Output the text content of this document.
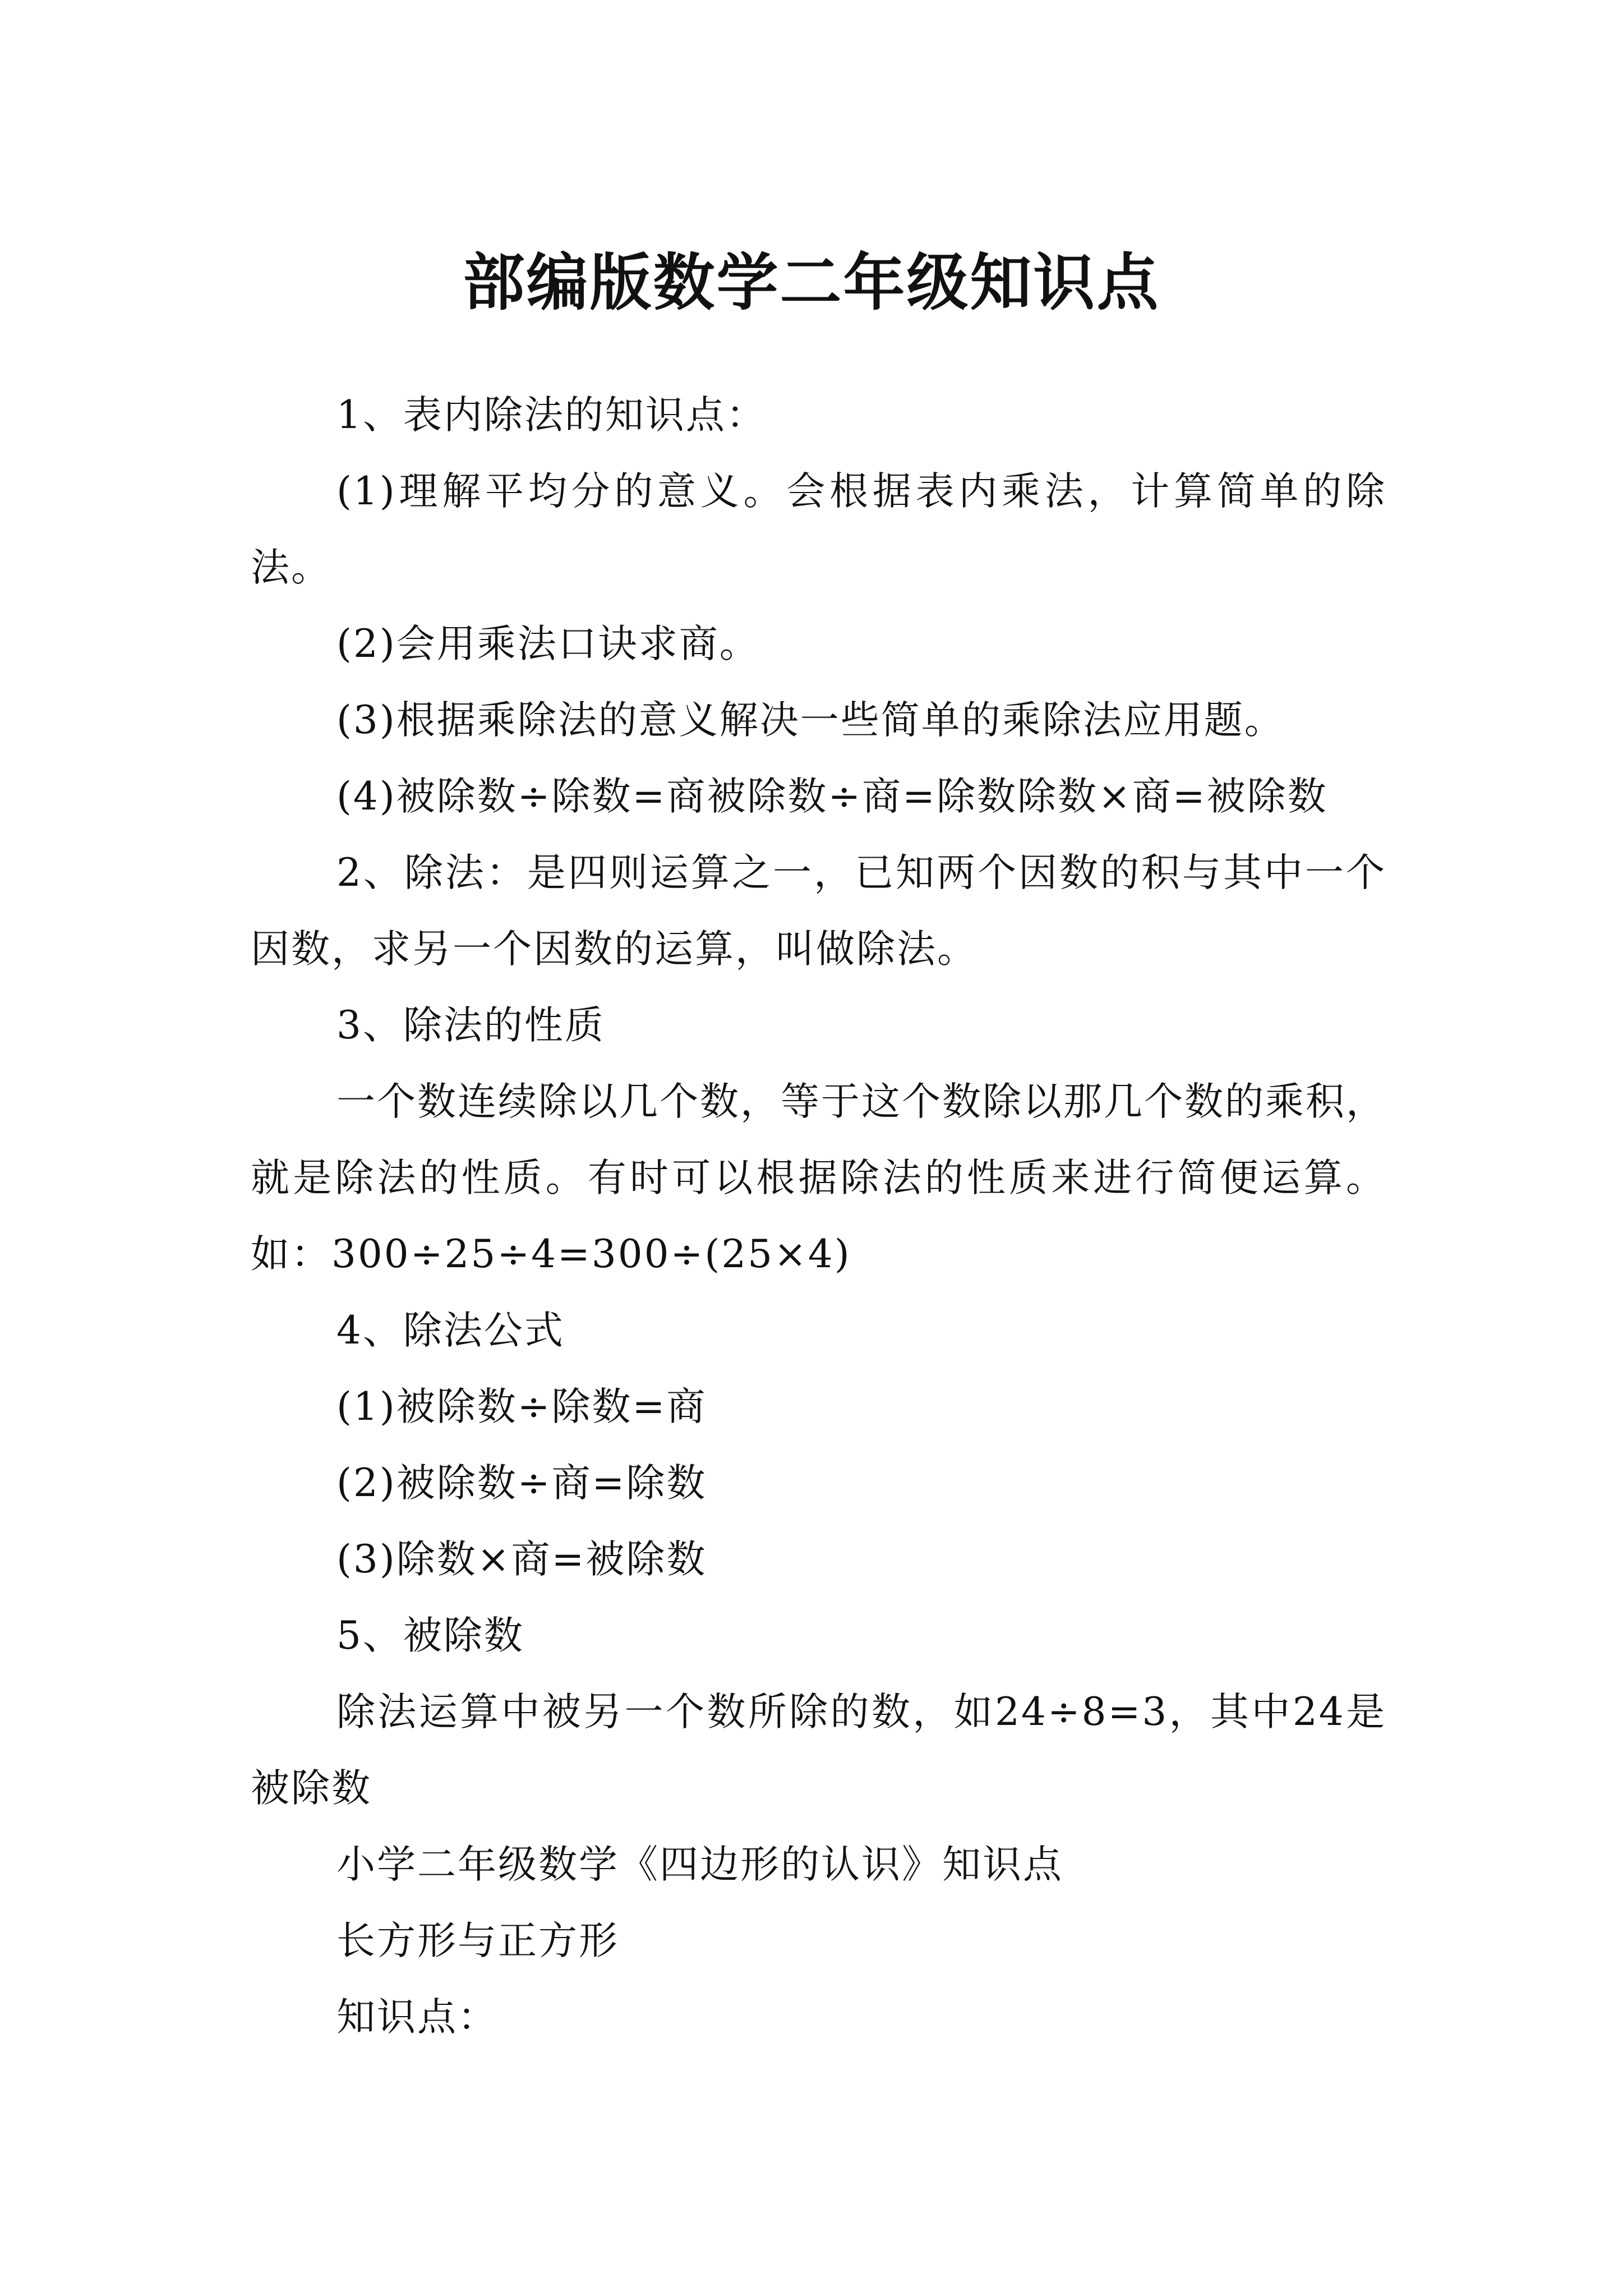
部编版数学二年级知识点

1、表内除法的知识点：

(1)理解平均分的意义。会根据表内乘法，计算简单的除法。

(2)会用乘法口诀求商。

(3)根据乘除法的意义解决一些简单的乘除法应用题。

(4)被除数÷除数=商被除数÷商=除数除数×商=被除数

2、除法：是四则运算之一，已知两个因数的积与其中一个因数，求另一个因数的运算，叫做除法。

3、除法的性质

一个数连续除以几个数，等于这个数除以那几个数的乘积，就是除法的性质。有时可以根据除法的性质来进行简便运算。如：300÷25÷4=300÷(25×4)

4、除法公式

(1)被除数÷除数=商

(2)被除数÷商=除数

(3)除数×商=被除数

5、被除数

除法运算中被另一个数所除的数，如24÷8=3，其中24是被除数

小学二年级数学《四边形的认识》知识点

长方形与正方形

知识点：
